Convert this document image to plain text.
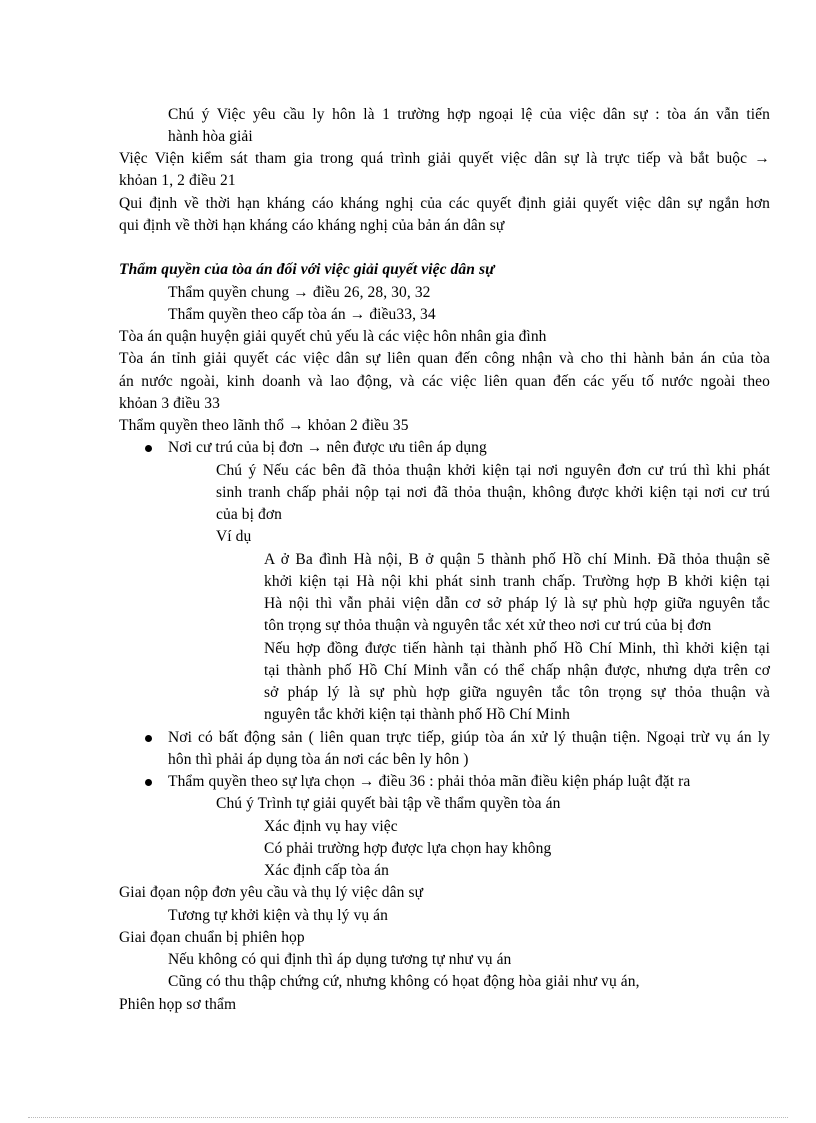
Chú ý Việc yêu cầu ly hôn là 1 trường hợp ngoại lệ của việc dân sự : tòa án vẫn tiến
hành hòa giải
Việc Viện kiểm sát tham gia trong quá trình giải quyết việc dân sự là trực tiếp và bắt buộc →
khỏan 1, 2 điều 21
Qui định về thời hạn kháng cáo kháng nghị của các quyết định giải quyết việc dân sự ngắn hơn
qui định về thời hạn kháng cáo kháng nghị của bản án dân sự
Thẩm quyền của tòa án đối với việc giải quyết việc dân sự
Thẩm quyền chung → điều 26, 28, 30, 32
Thẩm quyền theo cấp tòa án → điều33, 34
Tòa án quận huyện giải quyết chủ yếu là các việc hôn nhân gia đình
Tòa án tỉnh giải quyết các việc dân sự liên quan đến công nhận và cho thi hành bản án của tòa
án nước ngoài, kinh doanh và lao động, và các việc liên quan đến các yếu tố nước ngoài theo
khỏan 3 điều 33
Thẩm quyền theo lãnh thổ → khỏan 2 điều 35
Nơi cư trú của bị đơn → nên được ưu tiên áp dụng
Chú ý Nếu các bên đã thỏa thuận khởi kiện tại nơi nguyên đơn cư trú thì khi phát
sinh tranh chấp phải nộp tại nơi đã thỏa thuận, không được khởi kiện tại nơi cư trú
của bị đơn
Ví dụ
A ở Ba đình Hà nội, B ở quận 5 thành phố Hồ chí Minh. Đã thỏa thuận sẽ
khởi kiện tại Hà nội khi phát sinh tranh chấp. Trường hợp B khởi kiện tại
Hà nội thì vẫn phải viện dẫn cơ sở pháp lý là sự phù hợp giữa nguyên tắc
tôn trọng sự thỏa thuận và nguyên tắc xét xử theo nơi cư trú của bị đơn
Nếu hợp đồng được tiến hành tại thành phố Hồ Chí Minh, thì khởi kiện tại
tại thành phố Hồ Chí Minh vẫn có thể chấp nhận được, nhưng dựa trên cơ
sở pháp lý là sự phù hợp giữa nguyên tắc tôn trọng sự thỏa thuận và
nguyên tắc khởi kiện tại thành phố Hồ Chí Minh
Nơi có bất động sản ( liên quan trực tiếp, giúp tòa án xử lý thuận tiện. Ngoại trừ vụ án ly
hôn thì phải áp dụng tòa án nơi các bên ly hôn )
Thẩm quyền theo sự lựa chọn → điều 36 : phải thỏa mãn điều kiện pháp luật đặt ra
Chú ý Trình tự giải quyết bài tập về thẩm quyền tòa án
Xác định vụ hay việc
Có phải trường hợp được lựa chọn hay không
Xác định cấp tòa án
Giai đọan nộp đơn yêu cầu và thụ lý việc dân sự
Tương tự khởi kiện và thụ lý vụ án
Giai đọan chuẩn bị phiên họp
Nếu không có qui định thì áp dụng tương tự như vụ án
Cũng có thu thập chứng cứ, nhưng không có họat động hòa giải như vụ án,
Phiên họp sơ thẩm
